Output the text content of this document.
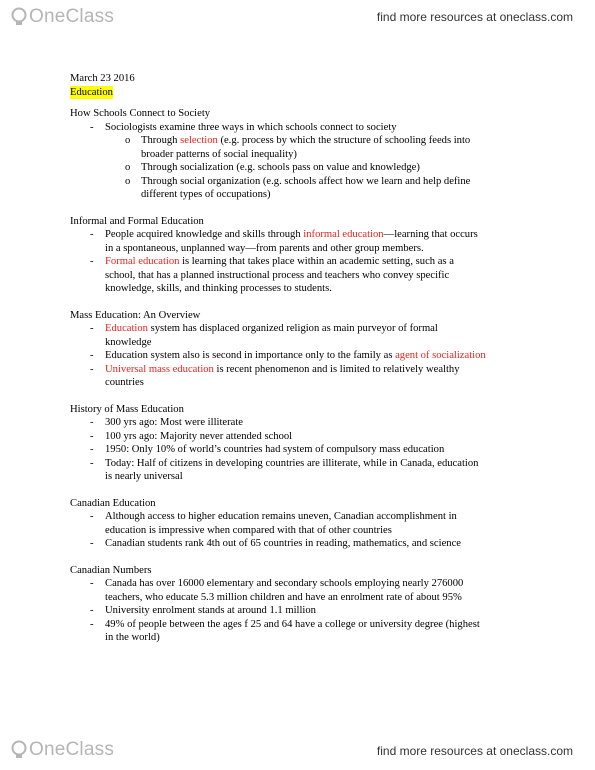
OneClass	find more resources at oneclass.com
March 23 2016
Education
How Schools Connect to Society
- Sociologists examine three ways in which schools connect to society
o Through selection (e.g. process by which the structure of schooling feeds into
broader patterns of social inequality)
o Through socialization (e.g. schools pass on value and knowledge)
o Through social organization (e.g. schools affect how we learn and help define
different types of occupations)
Informal and Formal Education
- People acquired knowledge and skills through informal education—learning that occurs
in a spontaneous, unplanned way—from parents and other group members.
- Formal education is learning that takes place within an academic setting, such as a
school, that has a planned instructional process and teachers who convey specific
knowledge, skills, and thinking processes to students.
Mass Education: An Overview
- Education system has displaced organized religion as main purveyor of formal
knowledge
- Education system also is second in importance only to the family as agent of socialization
- Universal mass education is recent phenomenon and is limited to relatively wealthy
countries
History of Mass Education
- 300 yrs ago: Most were illiterate
- 100 yrs ago: Majority never attended school
- 1950: Only 10% of world’s countries had system of compulsory mass education
- Today: Half of citizens in developing countries are illiterate, while in Canada, education
is nearly universal
Canadian Education
- Although access to higher education remains uneven, Canadian accomplishment in
education is impressive when compared with that of other countries
- Canadian students rank 4th out of 65 countries in reading, mathematics, and science
Canadian Numbers
- Canada has over 16000 elementary and secondary schools employing nearly 276000
teachers, who educate 5.3 million children and have an enrolment rate of about 95%
- University enrolment stands at around 1.1 million
- 49% of people between the ages f 25 and 64 have a college or university degree (highest
in the world)
OneClass	find more resources at oneclass.com
